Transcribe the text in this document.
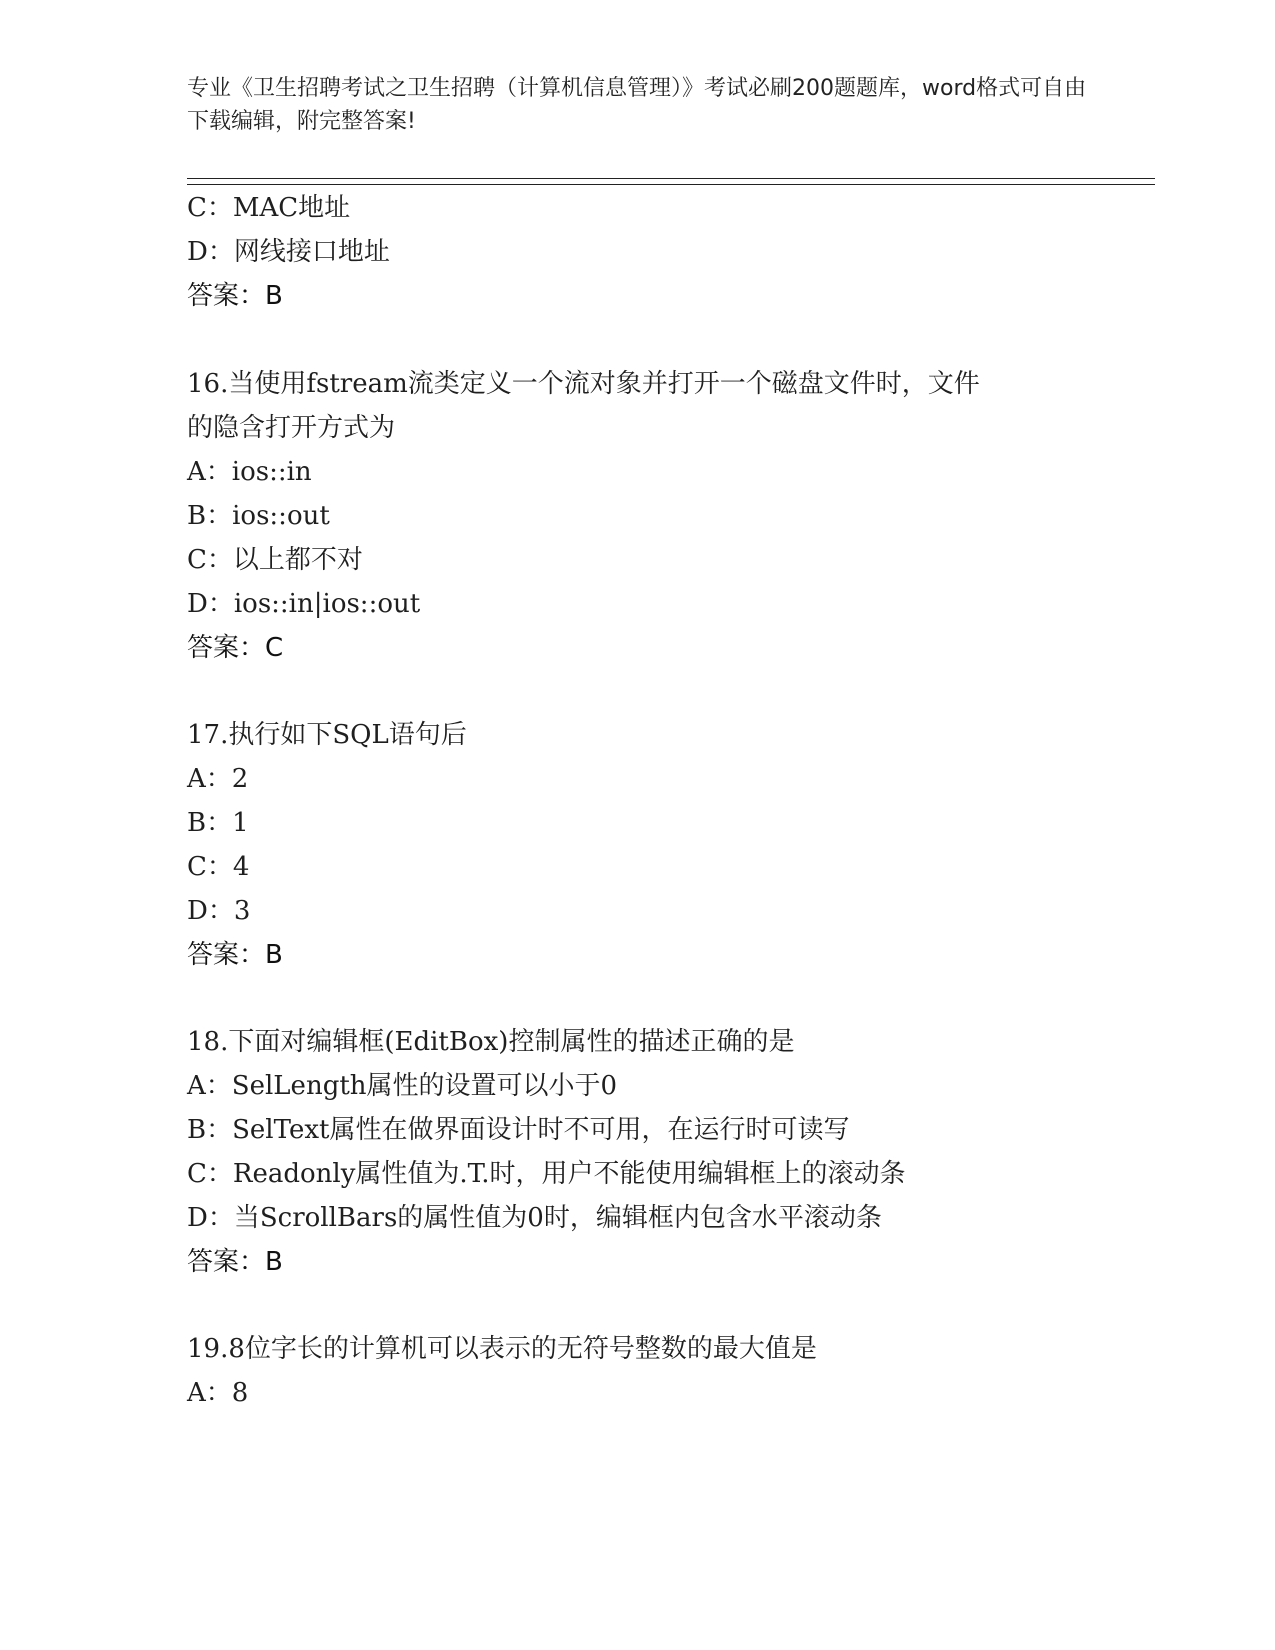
专业《卫生招聘考试之卫生招聘（计算机信息管理）》考试必刷200题题库，word格式可自由下载编辑，附完整答案!

C：MAC地址

D：网线接口地址

答案：B

16.当使用fstream流类定义一个流对象并打开一个磁盘文件时，文件

的隐含打开方式为

A：ios::in

B：ios::out

C：以上都不对

D：ios::in|ios::out

答案：C

17.执行如下SQL语句后

A：2

B：1

C：4

D：3

答案：B

18.下面对编辑框(EditBox)控制属性的描述正确的是

A：SelLength属性的设置可以小于0

B：SelText属性在做界面设计时不可用，在运行时可读写

C：Readonly属性值为.T.时，用户不能使用编辑框上的滚动条

D：当ScrollBars的属性值为0时，编辑框内包含水平滚动条

答案：B

19.8位字长的计算机可以表示的无符号整数的最大值是

A：8
